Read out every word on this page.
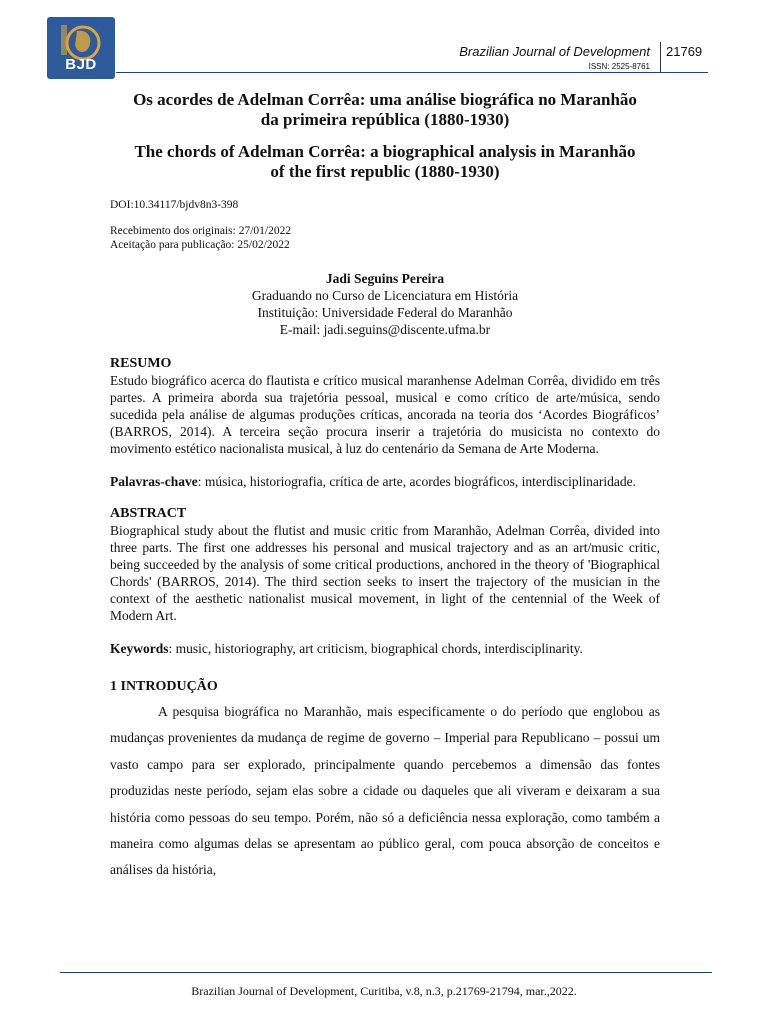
BJD
Brazilian Journal of Development
ISSN: 2525-8761
21769
Os acordes de Adelman Corrêa: uma análise biográfica no Maranhão
da primeira república (1880-1930)
The chords of Adelman Corrêa: a biographical analysis in Maranhão
of the first republic (1880-1930)
DOI:10.34117/bjdv8n3-398
Recebimento dos originais: 27/01/2022
Aceitação para publicação: 25/02/2022
Jadi Seguins Pereira
Graduando no Curso de Licenciatura em História
Instituição: Universidade Federal do Maranhão
E-mail: jadi.seguins@discente.ufma.br
RESUMO
Estudo biográfico acerca do flautista e crítico musical maranhense Adelman Corrêa, dividido em três partes. A primeira aborda sua trajetória pessoal, musical e como crítico de arte/música, sendo sucedida pela análise de algumas produções críticas, ancorada na teoria dos ‘Acordes Biográficos’ (BARROS, 2014). A terceira seção procura inserir a trajetória do musicista no contexto do movimento estético nacionalista musical, à luz do centenário da Semana de Arte Moderna.
Palavras-chave: música, historiografia, crítica de arte, acordes biográficos, interdisciplinaridade.
ABSTRACT
Biographical study about the flutist and music critic from Maranhão, Adelman Corrêa, divided into three parts. The first one addresses his personal and musical trajectory and as an art/music critic, being succeeded by the analysis of some critical productions, anchored in the theory of 'Biographical Chords' (BARROS, 2014). The third section seeks to insert the trajectory of the musician in the context of the aesthetic nationalist musical movement, in light of the centennial of the Week of Modern Art.
Keywords: music, historiography, art criticism, biographical chords, interdisciplinarity.
1 INTRODUÇÃO
A pesquisa biográfica no Maranhão, mais especificamente o do período que englobou as mudanças provenientes da mudança de regime de governo – Imperial para Republicano – possui um vasto campo para ser explorado, principalmente quando percebemos a dimensão das fontes produzidas neste período, sejam elas sobre a cidade ou daqueles que ali viveram e deixaram a sua história como pessoas do seu tempo. Porém, não só a deficiência nessa exploração, como também a maneira como algumas delas se apresentam ao público geral, com pouca absorção de conceitos e análises da história,
Brazilian Journal of Development, Curitiba, v.8, n.3, p.21769-21794, mar.,2022.
